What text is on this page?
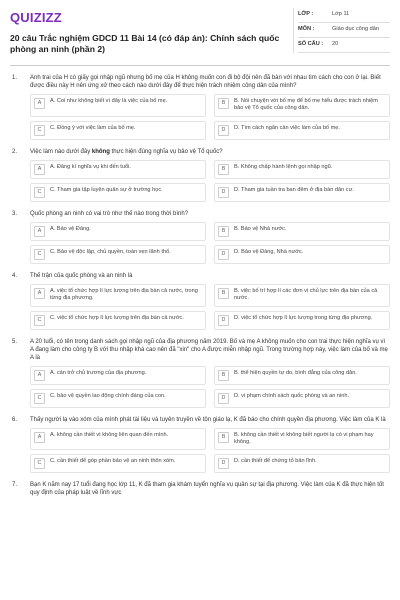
QUIZIZZ
20 câu Trắc nghiệm GDCD 11 Bài 14 (có đáp án): Chính sách quốc phòng an ninh (phần 2)
LỚP :	Lớp 11
MÔN :	Giáo dục công dân
SỐ CÂU :	20
1.	Anh trai của H có giấy gọi nhập ngũ nhưng bố mẹ của H không muốn con đi bộ đội nên đã bàn với nhau tìm cách cho con ở lại. Biết được điều này H nên ứng xử theo cách nào dưới đây để thực hiện trách nhiệm công dân của mình?
A	A. Coi như không biết vì đây là việc của bố mẹ.	B	B. Nói chuyện với bố mẹ để bố mẹ hiểu được trách nhiệm bảo vệ Tổ quốc của công dân.
C	C. Đồng ý với việc làm của bố mẹ.	D	D. Tìm cách ngăn cản việc làm của bố mẹ.
2.	Việc làm nào dưới đây không thực hiện đúng nghĩa vụ bảo vệ Tổ quốc?
A	A. Đăng kí nghĩa vụ khi đến tuổi.	B	B. Không chấp hành lệnh gọi nhập ngũ.
C	C. Tham gia tập luyện quân sự ở trường học.	D	D. Tham gia tuần tra ban đêm ở địa bàn dân cư.
3.	Quốc phòng an ninh có vai trò như thế nào trong thời bình?
A	A. Bảo vệ Đảng.	B	B. Bảo vệ Nhà nước.
C	C. Bảo vệ độc lập, chủ quyền, toàn vẹn lãnh thổ.	D	D. Bảo vệ Đảng, Nhà nước.
4.	Thế trận của quốc phòng và an ninh là
A	A. việc tổ chức hợp lí lực lượng trên địa bàn cả nước, trong từng địa phương.
B	B. việc bố trí hợp lí các đơn vị chủ lực trên địa bàn của cả nước.
C	C. việc tổ chức hợp lí lực lượng trên địa bàn cả nước.	D	D. việc tổ chức hợp lí lực lượng trong từng địa phương.
5.	A 20 tuổi, có tên trong danh sách gọi nhập ngũ của địa phương năm 2019. Bố và mẹ A không muốn cho con trai thực hiện nghĩa vụ vì A đang làm cho công ty B với thu nhập khá cao nên đã "xin" cho A được miễn nhập ngũ. Trong trường hợp này, việc làm của bố và mẹ A là
A	A. cản trở chủ trương của địa phương.	B	B. thể hiện quyền tự do, bình đẳng của công dân.
C	C. bảo vệ quyền lao động chính đáng của con.	D	D. vi phạm chính sách quốc phòng và an ninh.
6.	Thấy người lạ vào xóm của mình phát tài liệu và tuyên truyền về tôn giáo lạ, K đã báo cho chính quyền địa phương. Việc làm của K là
A	A. không cần thiết vì không liên quan đến mình.	B	B. không cần thiết vì không biết người lạ có vi phạm hay không.
C	C. cần thiết để góp phần bảo vệ an ninh thôn xóm.	D	D. cần thiết để chứng tỏ bản lĩnh.
7.	Bạn K năm nay 17 tuổi đang học lớp 11, K đã tham gia khám tuyển nghĩa vụ quân sự tại địa phương. Việc làm của K đã thực hiện tốt quy định của pháp luật về lĩnh vực
